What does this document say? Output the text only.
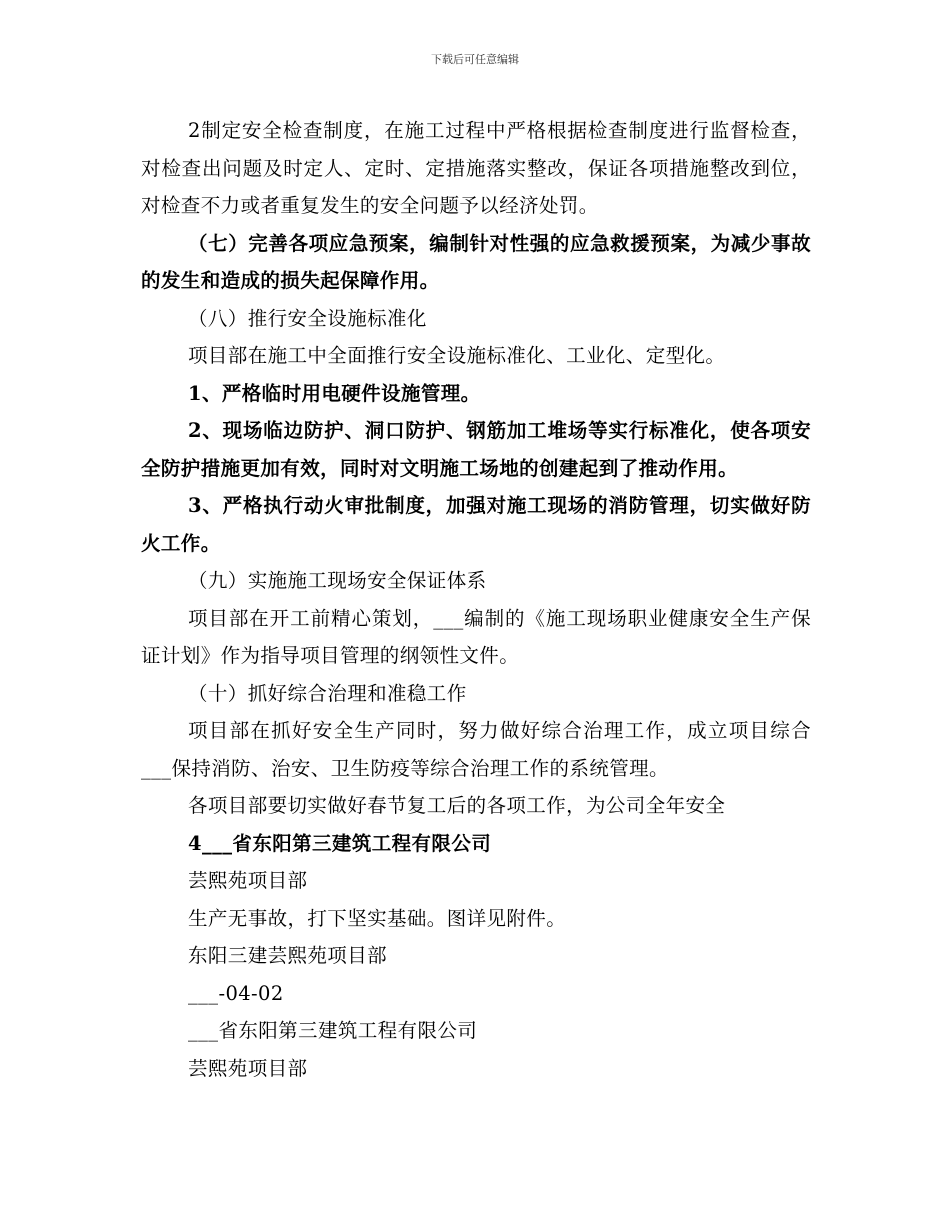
下载后可任意编辑

2制定安全检查制度，在施工过程中严格根据检查制度进行监督检查，对检查出问题及时定人、定时、定措施落实整改，保证各项措施整改到位，对检查不力或者重复发生的安全问题予以经济处罚。

（七）完善各项应急预案，编制针对性强的应急救援预案，为减少事故的发生和造成的损失起保障作用。

（八）推行安全设施标准化

项目部在施工中全面推行安全设施标准化、工业化、定型化。

1、严格临时用电硬件设施管理。

2、现场临边防护、洞口防护、钢筋加工堆场等实行标准化，使各项安全防护措施更加有效，同时对文明施工场地的创建起到了推动作用。

3、严格执行动火审批制度，加强对施工现场的消防管理，切实做好防火工作。

（九）实施施工现场安全保证体系

项目部在开工前精心策划，___编制的《施工现场职业健康安全生产保证计划》作为指导项目管理的纲领性文件。

（十）抓好综合治理和准稳工作

项目部在抓好安全生产同时，努力做好综合治理工作，成立项目综合___保持消防、治安、卫生防疫等综合治理工作的系统管理。

各项目部要切实做好春节复工后的各项工作，为公司全年安全

4___省东阳第三建筑工程有限公司

芸熙苑项目部

生产无事故，打下坚实基础。图详见附件。

东阳三建芸熙苑项目部

___-04-02

___省东阳第三建筑工程有限公司

芸熙苑项目部
